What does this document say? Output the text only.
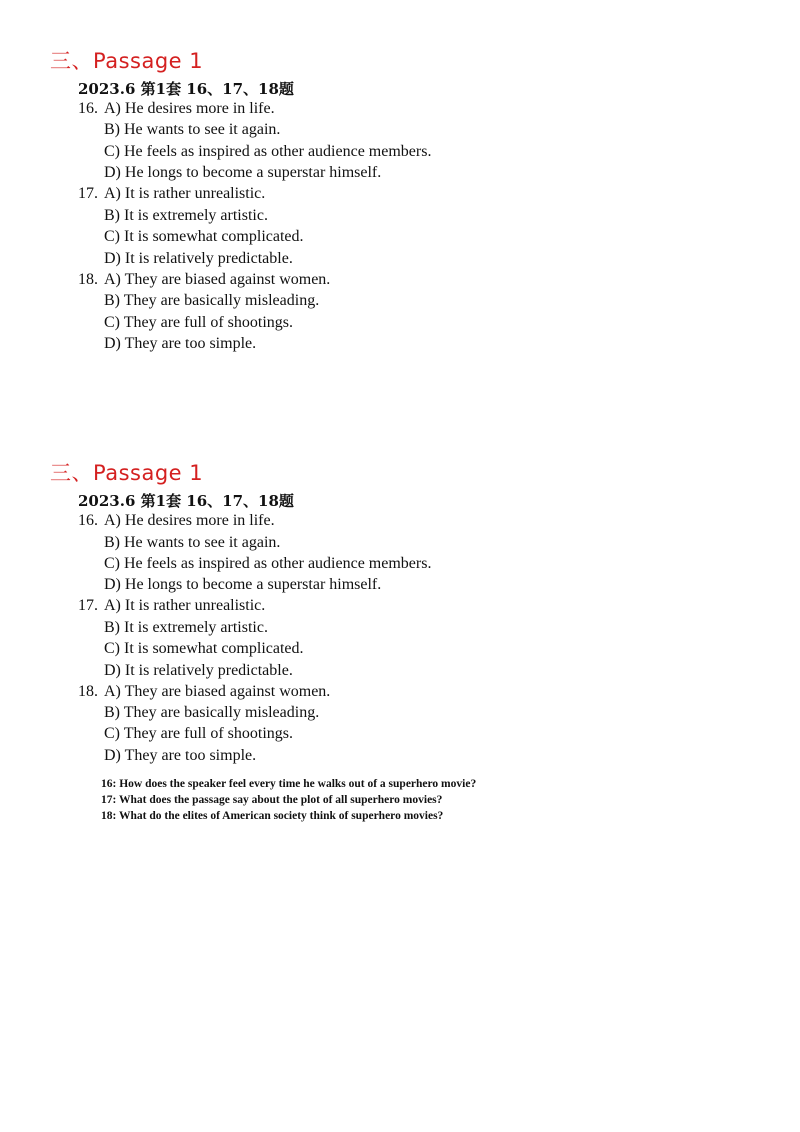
三、Passage 1
2023.6 第1套 16、17、18题
16. A) He desires more in life.
B) He wants to see it again.
C) He feels as inspired as other audience members.
D) He longs to become a superstar himself.
17. A) It is rather unrealistic.
B) It is extremely artistic.
C) It is somewhat complicated.
D) It is relatively predictable.
18. A) They are biased against women.
B) They are basically misleading.
C) They are full of shootings.
D) They are too simple.
三、Passage 1
2023.6 第1套 16、17、18题
16. A) He desires more in life.
B) He wants to see it again.
C) He feels as inspired as other audience members.
D) He longs to become a superstar himself.
17. A) It is rather unrealistic.
B) It is extremely artistic.
C) It is somewhat complicated.
D) It is relatively predictable.
18. A) They are biased against women.
B) They are basically misleading.
C) They are full of shootings.
D) They are too simple.
16: How does the speaker feel every time he walks out of a superhero movie?
17: What does the passage say about the plot of all superhero movies?
18: What do the elites of American society think of superhero movies?
